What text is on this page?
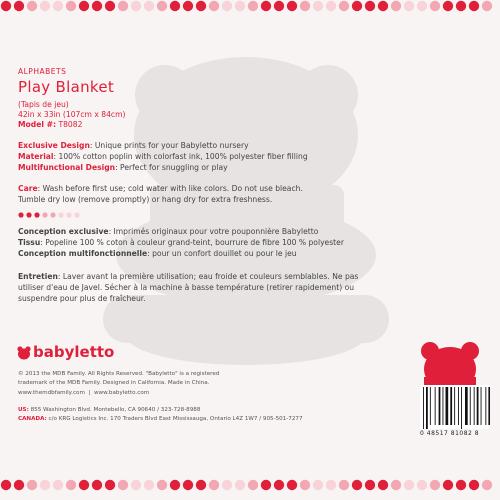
ALPHABETS
Play Blanket
(Tapis de jeu)
42in x 33in (107cm x 84cm)
Model #: T8082
Exclusive Design: Unique prints for your Babyletto nursery
Material: 100% cotton poplin with colorfast ink, 100% polyester fiber filling
Multifunctional Design: Perfect for snuggling or play
Care: Wash before first use; cold water with like colors. Do not use bleach.
Tumble dry low (remove promptly) or hang dry for extra freshness.
Conception exclusive: Imprimés originaux pour votre pouponnière Babyletto
Tissu: Popeline 100 % coton à couleur grand-teint, bourrure de fibre 100 % polyester
Conception multifonctionnelle: pour un confort douillet ou pour le jeu
Entretien: Laver avant la première utilisation; eau froide et couleurs semblables. Ne pas
utiliser d'eau de Javel. Sécher à la machine à basse température (retirer rapidement) ou
suspendre pour plus de fraîcheur.
babyletto
© 2013 the MDB Family. All Rights Reserved. "Babyletto" is a registered
trademark of the MDB Family. Designed in California. Made in China.
www.themdbfamily.com | www.babyletto.com
US: 855 Washington Blvd. Montebello, CA 90640 / 323-728-8988
CANADA: c/o KRG Logistics Inc. 170 Traders Blvd East Mississauga, Ontario L4Z 1W7 / 905-501-7277
0 48517 81082 8
